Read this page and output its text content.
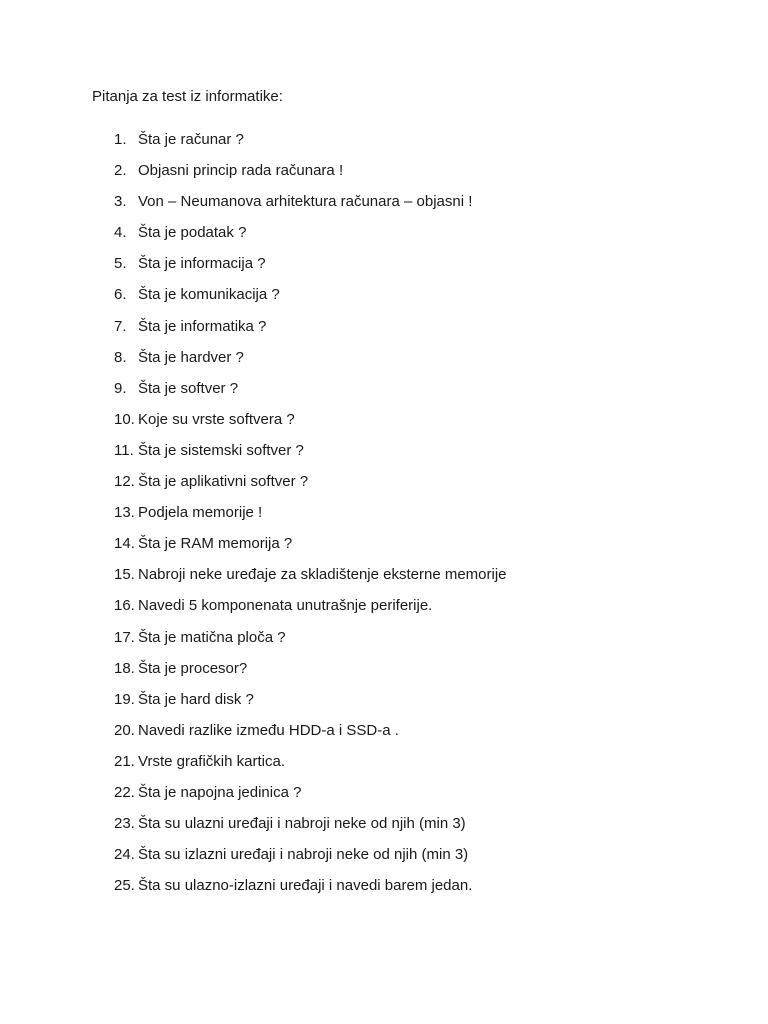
Pitanja za test iz informatike:
1. Šta je računar ?
2. Objasni princip rada računara !
3. Von – Neumanova arhitektura računara – objasni !
4. Šta je podatak ?
5. Šta je informacija ?
6. Šta je komunikacija ?
7. Šta je informatika ?
8. Šta je hardver ?
9. Šta je softver ?
10. Koje su vrste softvera ?
11. Šta je sistemski softver ?
12. Šta je aplikativni softver ?
13. Podjela memorije !
14. Šta je RAM memorija ?
15. Nabroji neke uređaje za skladištenje eksterne memorije
16. Navedi 5 komponenata unutrašnje periferije.
17. Šta je matična ploča ?
18. Šta je procesor?
19. Šta je hard disk ?
20. Navedi razlike između HDD-a i SSD-a .
21. Vrste grafičkih kartica.
22. Šta je napojna jedinica ?
23. Šta su ulazni uređaji i nabroji neke od njih (min 3)
24. Šta su izlazni uređaji i nabroji neke od njih (min 3)
25. Šta su ulazno-izlazni uređaji i navedi barem jedan.
